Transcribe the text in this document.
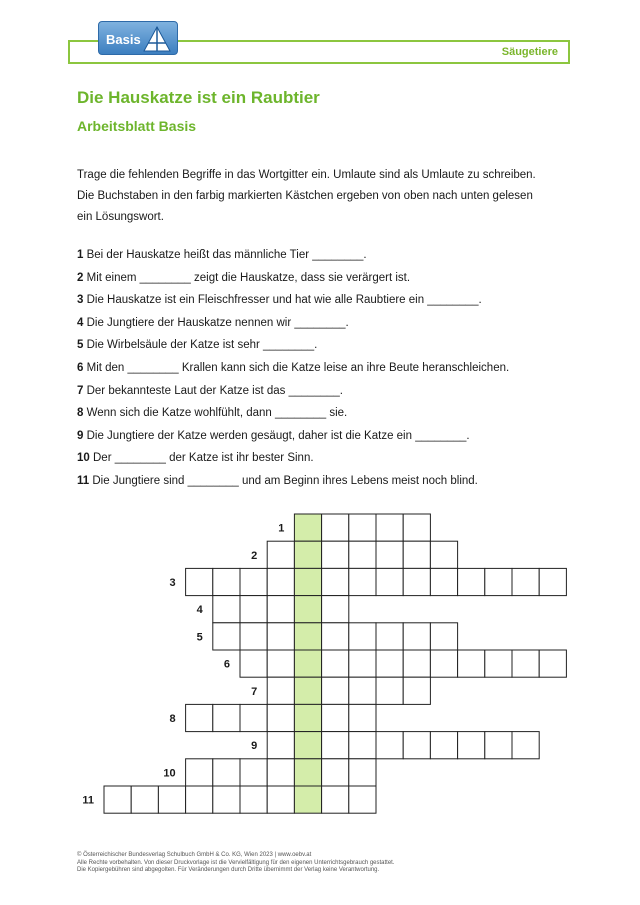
Säugetiere
Basis
Die Hauskatze ist ein Raubtier
Arbeitsblatt Basis

Trage die fehlenden Begriffe in das Wortgitter ein. Umlaute sind als Umlaute zu schreiben.

Die Buchstaben in den farbig markierten Kästchen ergeben von oben nach unten gelesen

ein Lösungswort.

1 Bei der Hauskatze heißt das männliche Tier ________.
2 Mit einem ________ zeigt die Hauskatze, dass sie verärgert ist.
3 Die Hauskatze ist ein Fleischfresser und hat wie alle Raubtiere ein ________.
4 Die Jungtiere der Hauskatze nennen wir ________.
5 Die Wirbelsäule der Katze ist sehr ________.
6 Mit den ________ Krallen kann sich die Katze leise an ihre Beute heranschleichen.
7 Der bekannteste Laut der Katze ist das ________.
8 Wenn sich die Katze wohlfühlt, dann ________ sie.
9 Die Jungtiere der Katze werden gesäugt, daher ist die Katze ein ________.
10 Der ________ der Katze ist ihr bester Sinn.
11 Die Jungtiere sind ________ und am Beginn ihres Lebens meist noch blind.
1
2
3
4
5
6
7
8
9
10
11
© Österreichischer Bundesverlag Schulbuch GmbH & Co. KG, Wien 2023 | www.oebv.at
Alle Rechte vorbehalten. Von dieser Druckvorlage ist die Vervielfältigung für den eigenen Unterrichtsgebrauch gestattet.
Die Kopiergebühren sind abgegolten. Für Veränderungen durch Dritte übernimmt der Verlag keine Verantwortung.
